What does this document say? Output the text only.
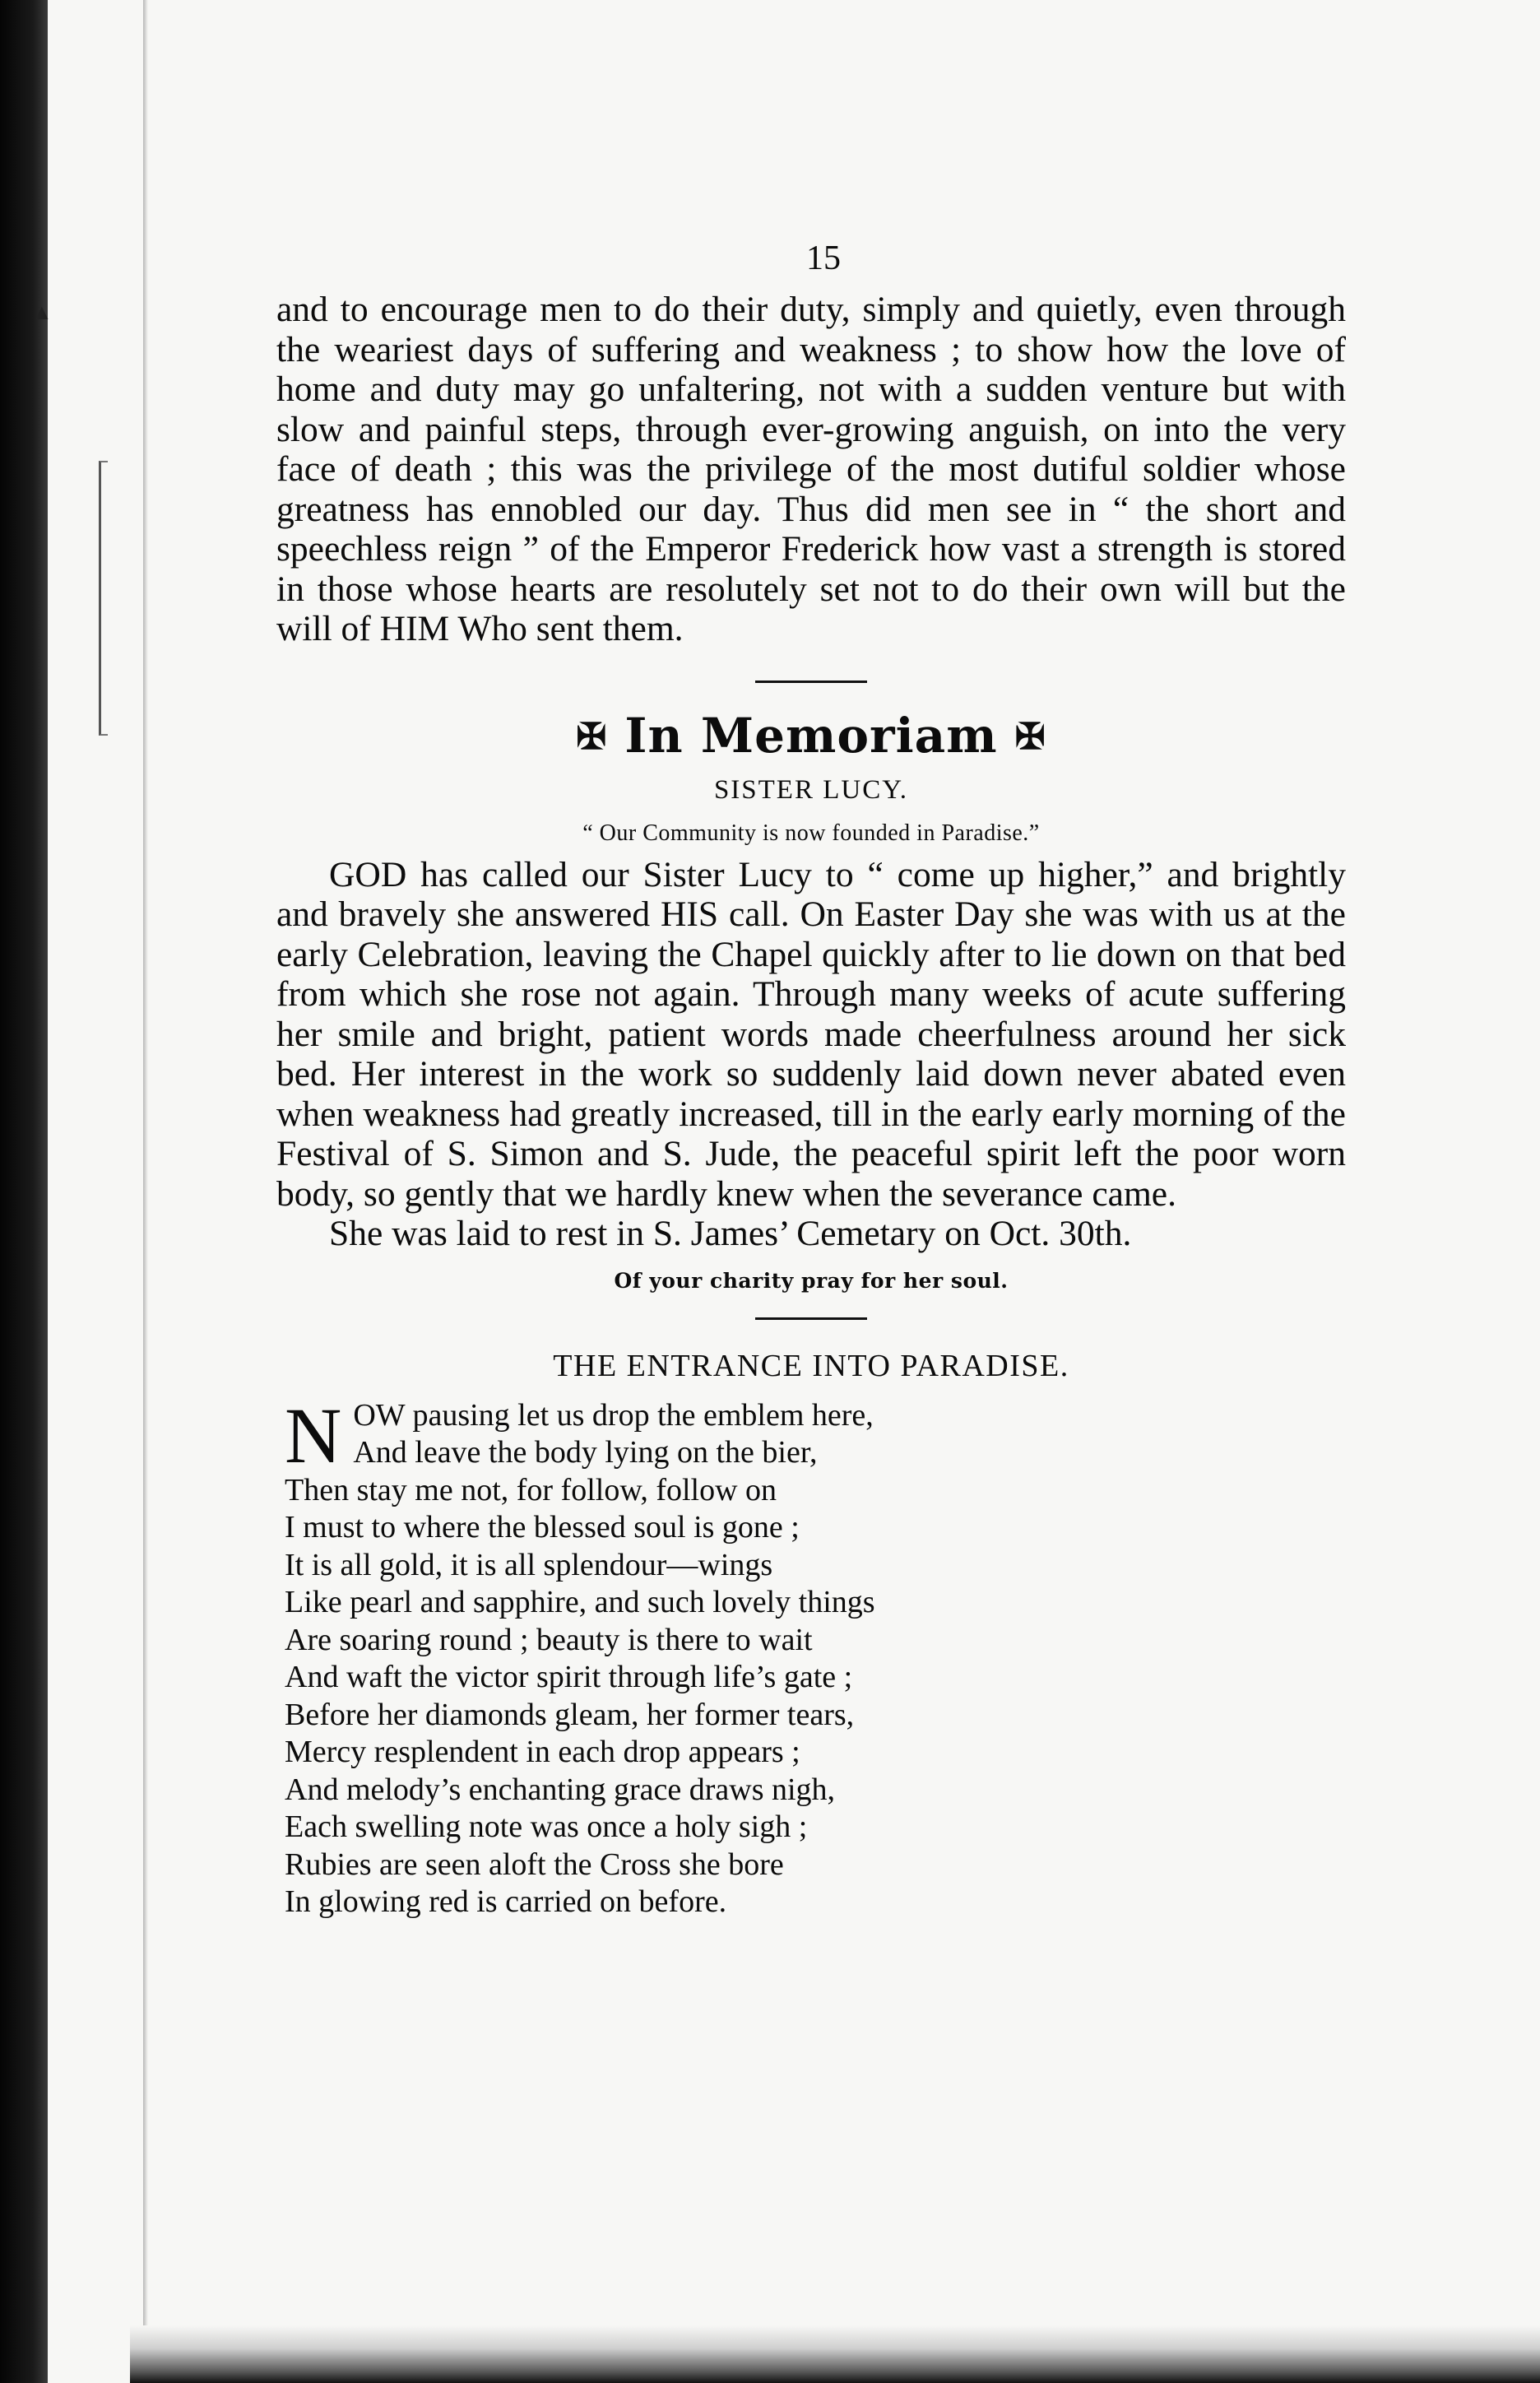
▲
15

and to encourage men to do their duty, simply and quietly, even through the weariest days of suffering and weakness ; to show how the love of home and duty may go unfaltering, not with a sudden venture but with slow and painful steps, through ever-growing anguish, on into the very face of death ; this was the privilege of the most dutiful soldier whose greatness has ennobled our day. Thus did men see in “ the short and speechless reign ” of the Emperor Frederick how vast a strength is stored in those whose hearts are resolutely set not to do their own will but the will of HIM Who sent them.

✠ In Memoriam ✠
SISTER LUCY.
“ Our Community is now founded in Paradise.”

GOD has called our Sister Lucy to “ come up higher,” and brightly and bravely she answered HIS call. On Easter Day she was with us at the early Celebration, leaving the Chapel quickly after to lie down on that bed from which she rose not again. Through many weeks of acute suffering her smile and bright, patient words made cheerfulness around her sick bed. Her interest in the work so suddenly laid down never abated even when weakness had greatly increased, till in the early early morning of the Festival of S. Simon and S. Jude, the peaceful spirit left the poor worn body, so gently that we hardly knew when the severance came.

She was laid to rest in S. James’ Cemetary on Oct. 30th.

Of your charity pray for her soul.
THE ENTRANCE INTO PARADISE.
N OW pausing let us drop the emblem here,
And leave the body lying on the bier,
Then stay me not, for follow, follow on
I must to where the blessed soul is gone ;
It is all gold, it is all splendour—wings
Like pearl and sapphire, and such lovely things
Are soaring round ; beauty is there to wait
And waft the victor spirit through life’s gate ;
Before her diamonds gleam, her former tears,
Mercy resplendent in each drop appears ;
And melody’s enchanting grace draws nigh,
Each swelling note was once a holy sigh ;
Rubies are seen aloft the Cross she bore
In glowing red is carried on before.
